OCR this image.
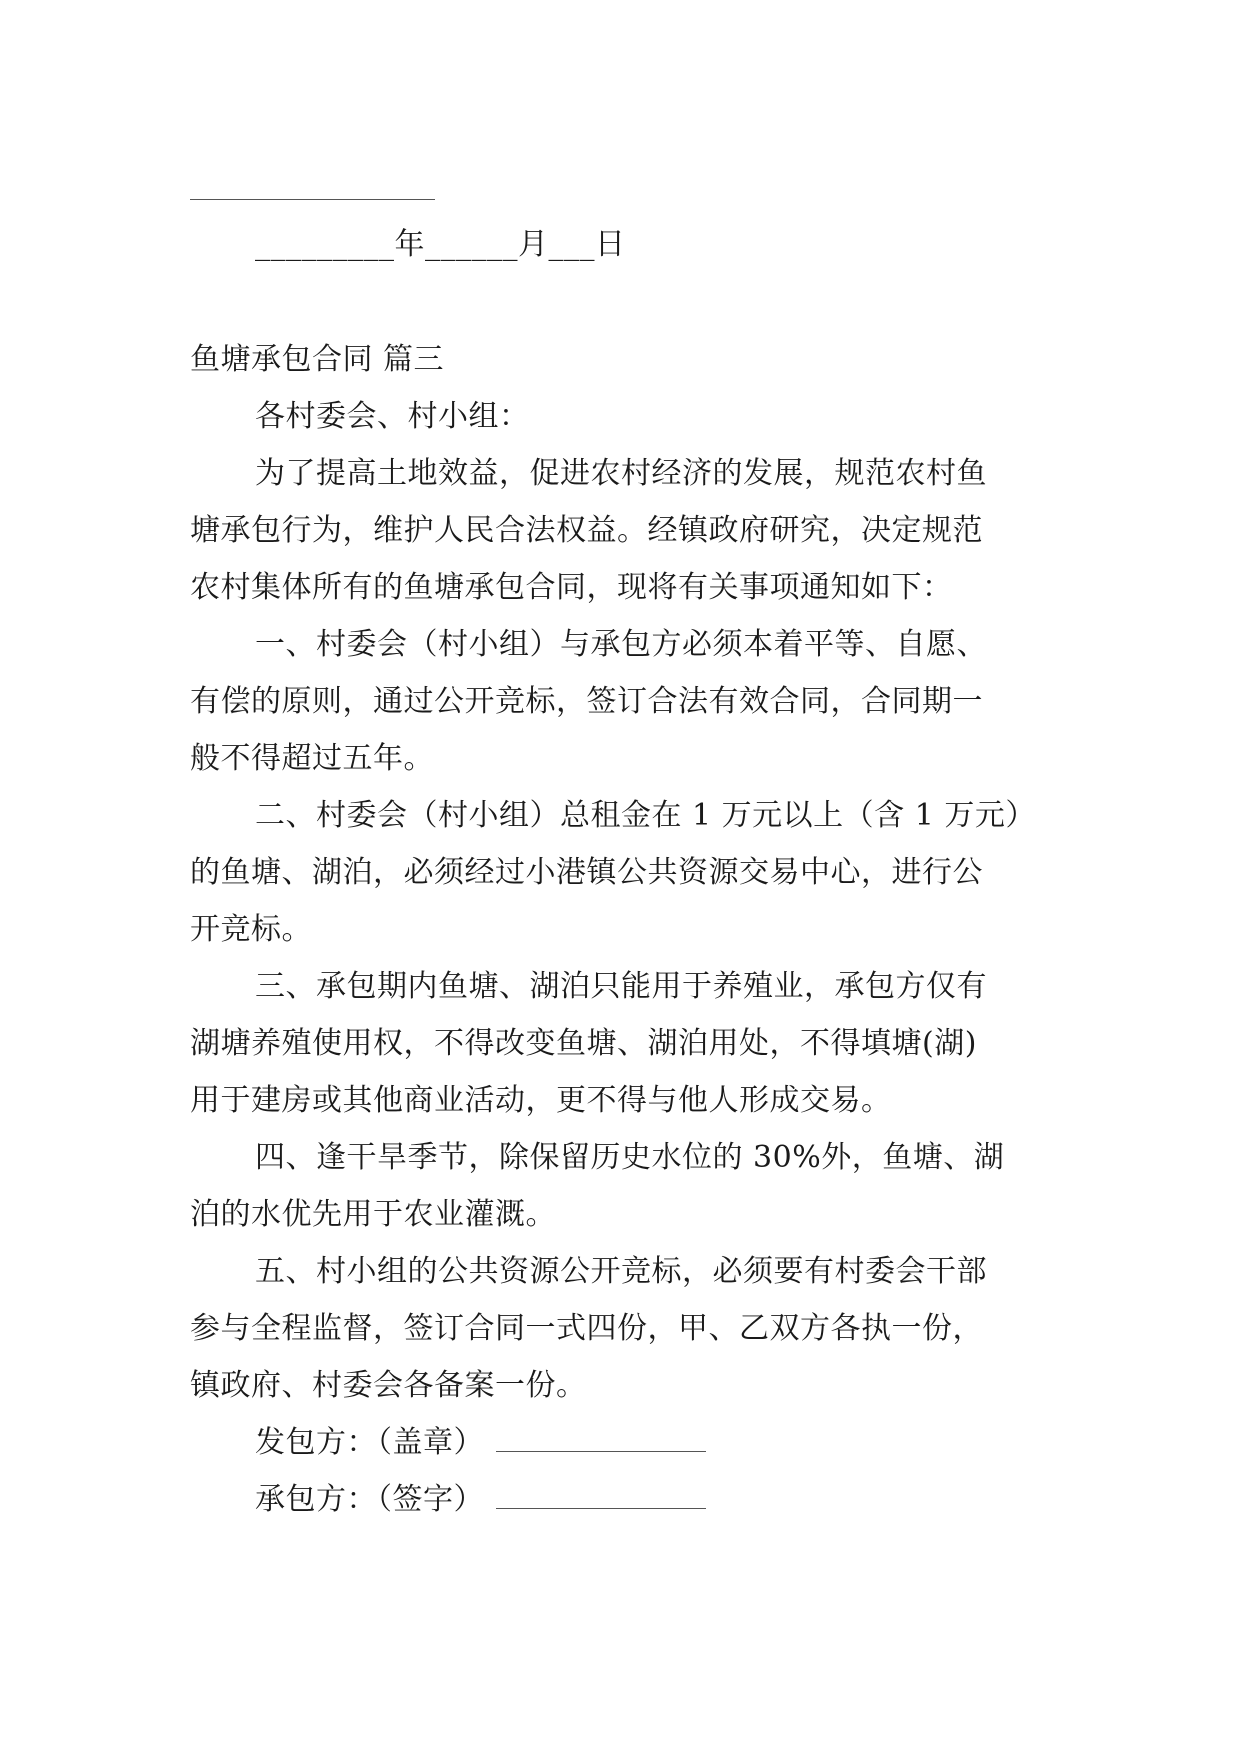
_________年______月___日
鱼塘承包合同 篇三
各村委会、村小组：
为了提高土地效益，促进农村经济的发展，规范农村鱼
塘承包行为，维护人民合法权益。经镇政府研究，决定规范
农村集体所有的鱼塘承包合同，现将有关事项通知如下：
一、村委会（村小组）与承包方必须本着平等、自愿、
有偿的原则，通过公开竞标，签订合法有效合同，合同期一
般不得超过五年。
二、村委会（村小组）总租金在 1 万元以上（含 1 万元）
的鱼塘、湖泊，必须经过小港镇公共资源交易中心，进行公
开竞标。
三、承包期内鱼塘、湖泊只能用于养殖业，承包方仅有
湖塘养殖使用权，不得改变鱼塘、湖泊用处，不得填塘(湖)
用于建房或其他商业活动，更不得与他人形成交易。
四、逢干旱季节，除保留历史水位的 30%外，鱼塘、湖
泊的水优先用于农业灌溉。
五、村小组的公共资源公开竞标，必须要有村委会干部
参与全程监督，签订合同一式四份，甲、乙双方各执一份，
镇政府、村委会各备案一份。
发包方：（盖章）
承包方：（签字）
